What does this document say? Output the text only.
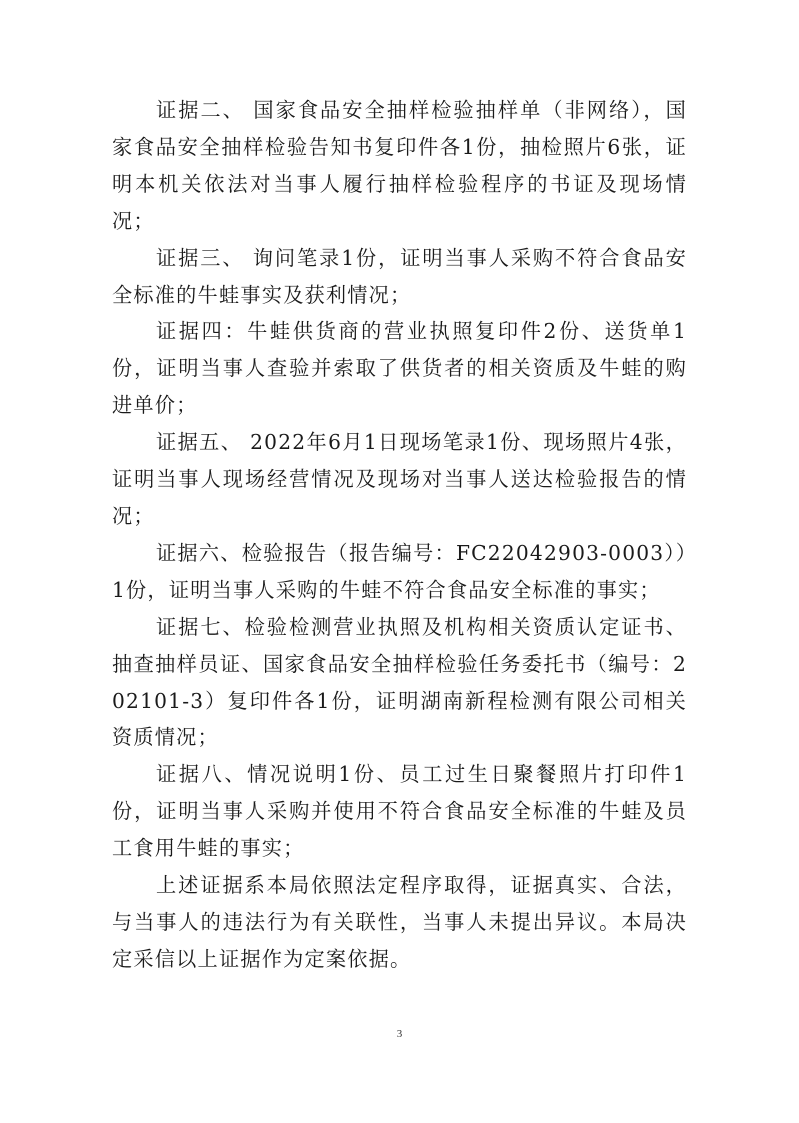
证据二、 国家食品安全抽样检验抽样单（非网络），国家食品安全抽样检验告知书复印件各1份，抽检照片6张，证明本机关依法对当事人履行抽样检验程序的书证及现场情况；

证据三、 询问笔录1份，证明当事人采购不符合食品安全标准的牛蛙事实及获利情况；

证据四：牛蛙供货商的营业执照复印件2份、送货单1份，证明当事人查验并索取了供货者的相关资质及牛蛙的购进单价；

证据五、 2022年6月1日现场笔录1份、现场照片4张，证明当事人现场经营情况及现场对当事人送达检验报告的情况；

证据六、检验报告（报告编号：FC22042903-0003））1份，证明当事人采购的牛蛙不符合食品安全标准的事实；

证据七、检验检测营业执照及机构相关资质认定证书、抽查抽样员证、国家食品安全抽样检验任务委托书（编号：202101-3）复印件各1份，证明湖南新程检测有限公司相关资质情况；

证据八、情况说明1份、员工过生日聚餐照片打印件1份，证明当事人采购并使用不符合食品安全标准的牛蛙及员工食用牛蛙的事实；

上述证据系本局依照法定程序取得，证据真实、合法，与当事人的违法行为有关联性，当事人未提出异议。本局决定采信以上证据作为定案依据。

3
